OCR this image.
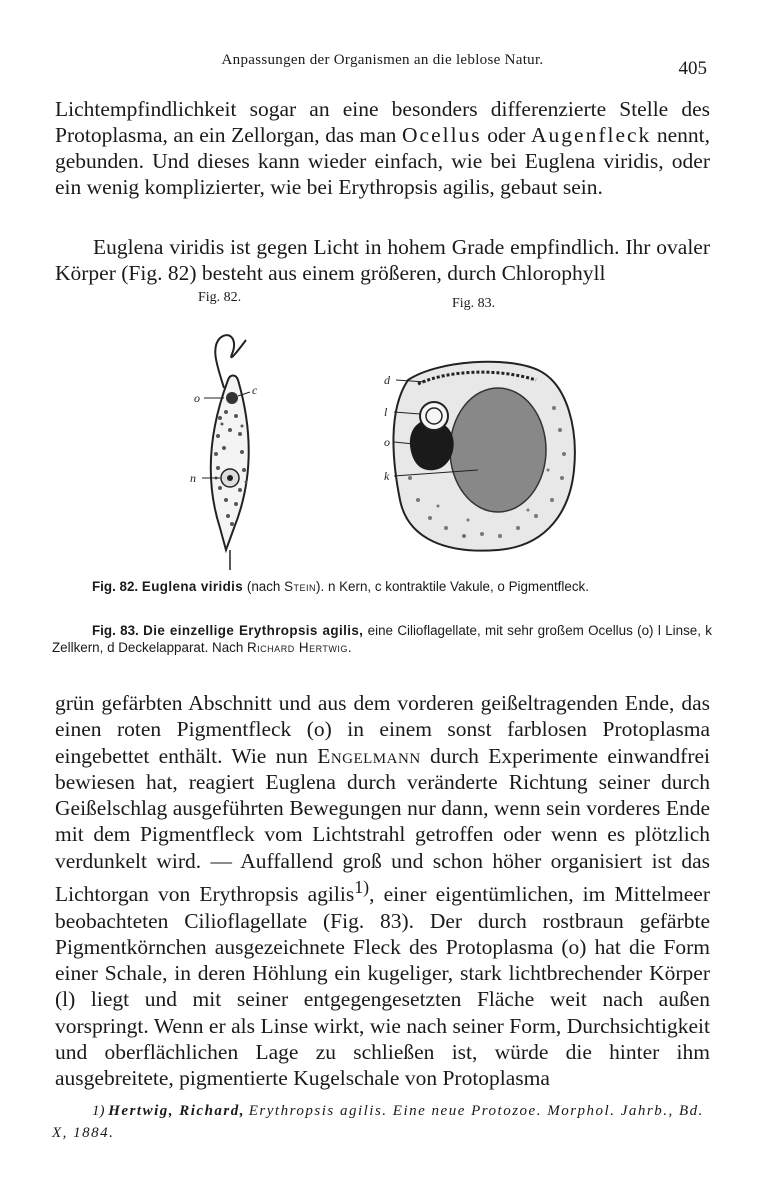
Anpassungen der Organismen an die leblose Natur.	405

Lichtempfindlichkeit sogar an eine besonders differenzierte Stelle des Protoplasma, an ein Zellorgan, das man Ocellus oder Augenfleck nennt, gebunden. Und dieses kann wieder einfach, wie bei Euglena viridis, oder ein wenig komplizierter, wie bei Erythropsis agilis, gebaut sein.

Euglena viridis ist gegen Licht in hohem Grade empfindlich. Ihr ovaler Körper (Fig. 82) besteht aus einem größeren, durch Chlorophyll

Fig. 82.	Fig. 83.
o
c
n
d
l
o
k

Fig. 82. Euglena viridis (nach Stein). n Kern, c kontraktile Vakule, o Pigmentfleck.

Fig. 83. Die einzellige Erythropsis agilis, eine Cilioflagellate, mit sehr großem Ocellus (o) l Linse, k Zellkern, d Deckelapparat. Nach Richard Hertwig.

grün gefärbten Abschnitt und aus dem vorderen geißeltragenden Ende, das einen roten Pigmentfleck (o) in einem sonst farblosen Protoplasma eingebettet enthält. Wie nun Engelmann durch Experimente einwandfrei bewiesen hat, reagiert Euglena durch veränderte Richtung seiner durch Geißelschlag ausgeführten Bewegungen nur dann, wenn sein vorderes Ende mit dem Pigmentfleck vom Lichtstrahl getroffen oder wenn es plötzlich verdunkelt wird. — Auffallend groß und schon höher organisiert ist das Lichtorgan von Erythropsis agilis$^{1)}$, einer eigentümlichen, im Mittelmeer beobachteten Cilioflagellate (Fig. 83). Der durch rostbraun gefärbte Pigmentkörnchen ausgezeichnete Fleck des Protoplasma (o) hat die Form einer Schale, in deren Höhlung ein kugeliger, stark lichtbrechender Körper (l) liegt und mit seiner entgegengesetzten Fläche weit nach außen vorspringt. Wenn er als Linse wirkt, wie nach seiner Form, Durchsichtigkeit und oberflächlichen Lage zu schließen ist, würde die hinter ihm ausgebreitete, pigmentierte Kugelschale von Protoplasma

1) Hertwig, Richard, Erythropsis agilis. Eine neue Protozoe. Morphol. Jahrb., Bd. X, 1884.
